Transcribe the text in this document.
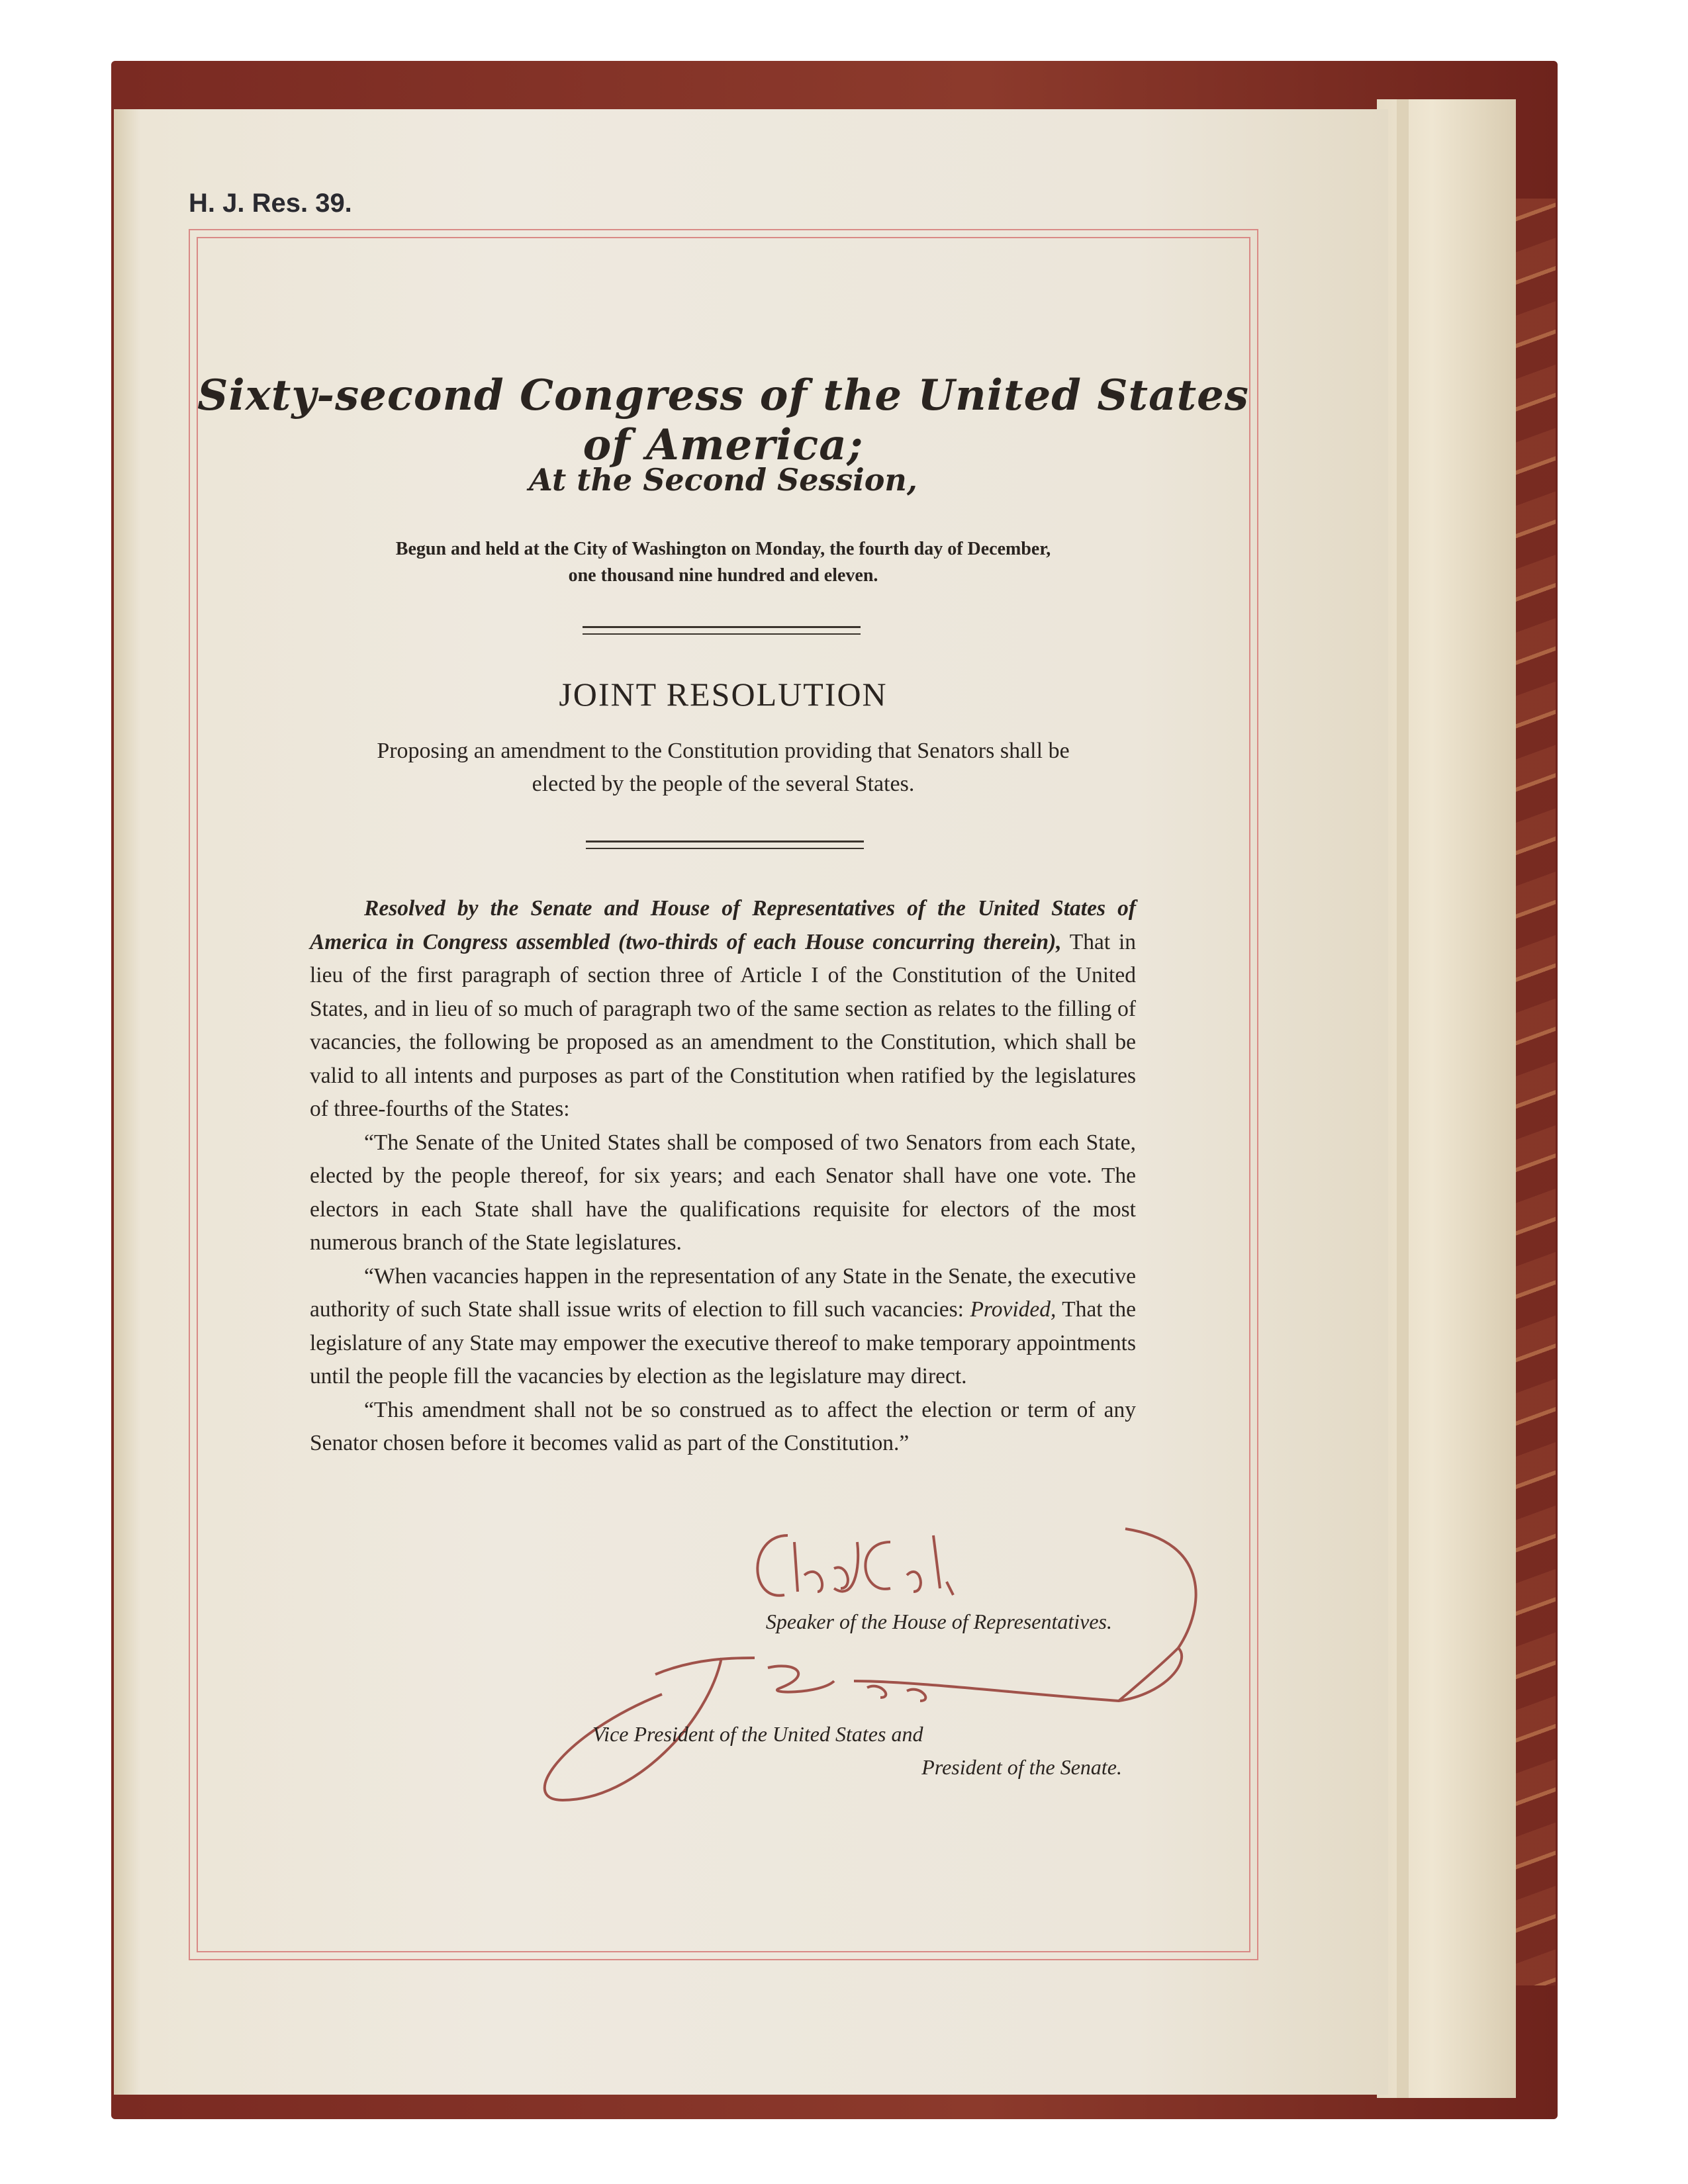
H. J. Res. 39.
Sixty-second Congress of the United States of America;
At the Second Session,
Begun and held at the City of Washington on Monday, the fourth day of December,
one thousand nine hundred and eleven.
JOINT RESOLUTION
Proposing an amendment to the Constitution providing that Senators shall be
elected by the people of the several States.

Resolved by the Senate and House of Representatives of the United States of America in Congress assembled (two-thirds of each House concurring therein), That in lieu of the first paragraph of section three of Article I of the Constitution of the United States, and in lieu of so much of paragraph two of the same section as relates to the filling of vacancies, the following be proposed as an amendment to the Constitution, which shall be valid to all intents and purposes as part of the Constitution when ratified by the legislatures of three-fourths of the States:

“The Senate of the United States shall be composed of two Senators from each State, elected by the people thereof, for six years; and each Senator shall have one vote. The electors in each State shall have the qualifications requisite for electors of the most numerous branch of the State legislatures.

“When vacancies happen in the representation of any State in the Senate, the executive authority of such State shall issue writs of election to fill such vacancies: Provided, That the legislature of any State may empower the executive thereof to make temporary appointments until the people fill the vacancies by election as the legislature may direct.

“This amendment shall not be so construed as to affect the election or term of any Senator chosen before it becomes valid as part of the Constitution.”

Speaker of the House of Representatives.
Vice President of the United States and
President of the Senate.
